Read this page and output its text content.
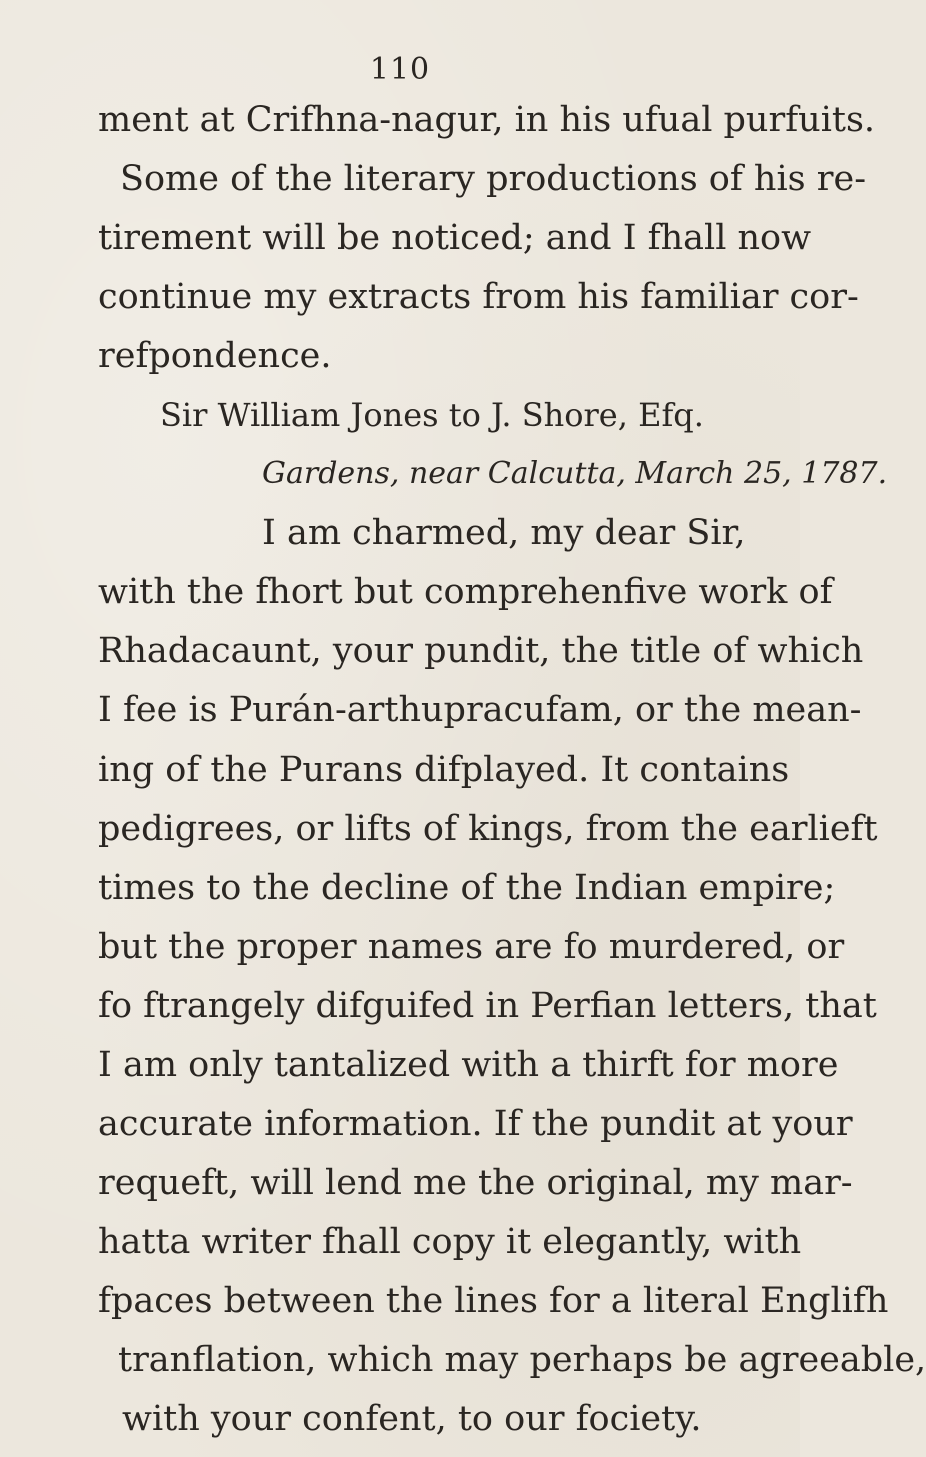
110
ment at Crifhna-nagur, in his ufual purfuits.
Some of the literary productions of his re-
tirement will be noticed; and I fhall now
continue my extracts from his familiar cor-
refpondence.
Sir William Jones to J. Shore, Efq.
Gardens, near Calcutta, March 25, 1787.
I am charmed, my dear Sir,
with the fhort but comprehenfive work of
Rhadacaunt, your pundit, the title of which
I fee is Purán-arthupracufam, or the mean-
ing of the Purans difplayed. It contains
pedigrees, or lifts of kings, from the earlieft
times to the decline of the Indian empire;
but the proper names are fo murdered, or
fo ftrangely difguifed in Perfian letters, that
I am only tantalized with a thirft for more
accurate information. If the pundit at your
requeft, will lend me the original, my mar-
hatta writer fhall copy it elegantly, with
fpaces between the lines for a literal Englifh
tranflation, which may perhaps be agreeable,
with your confent, to our fociety.
